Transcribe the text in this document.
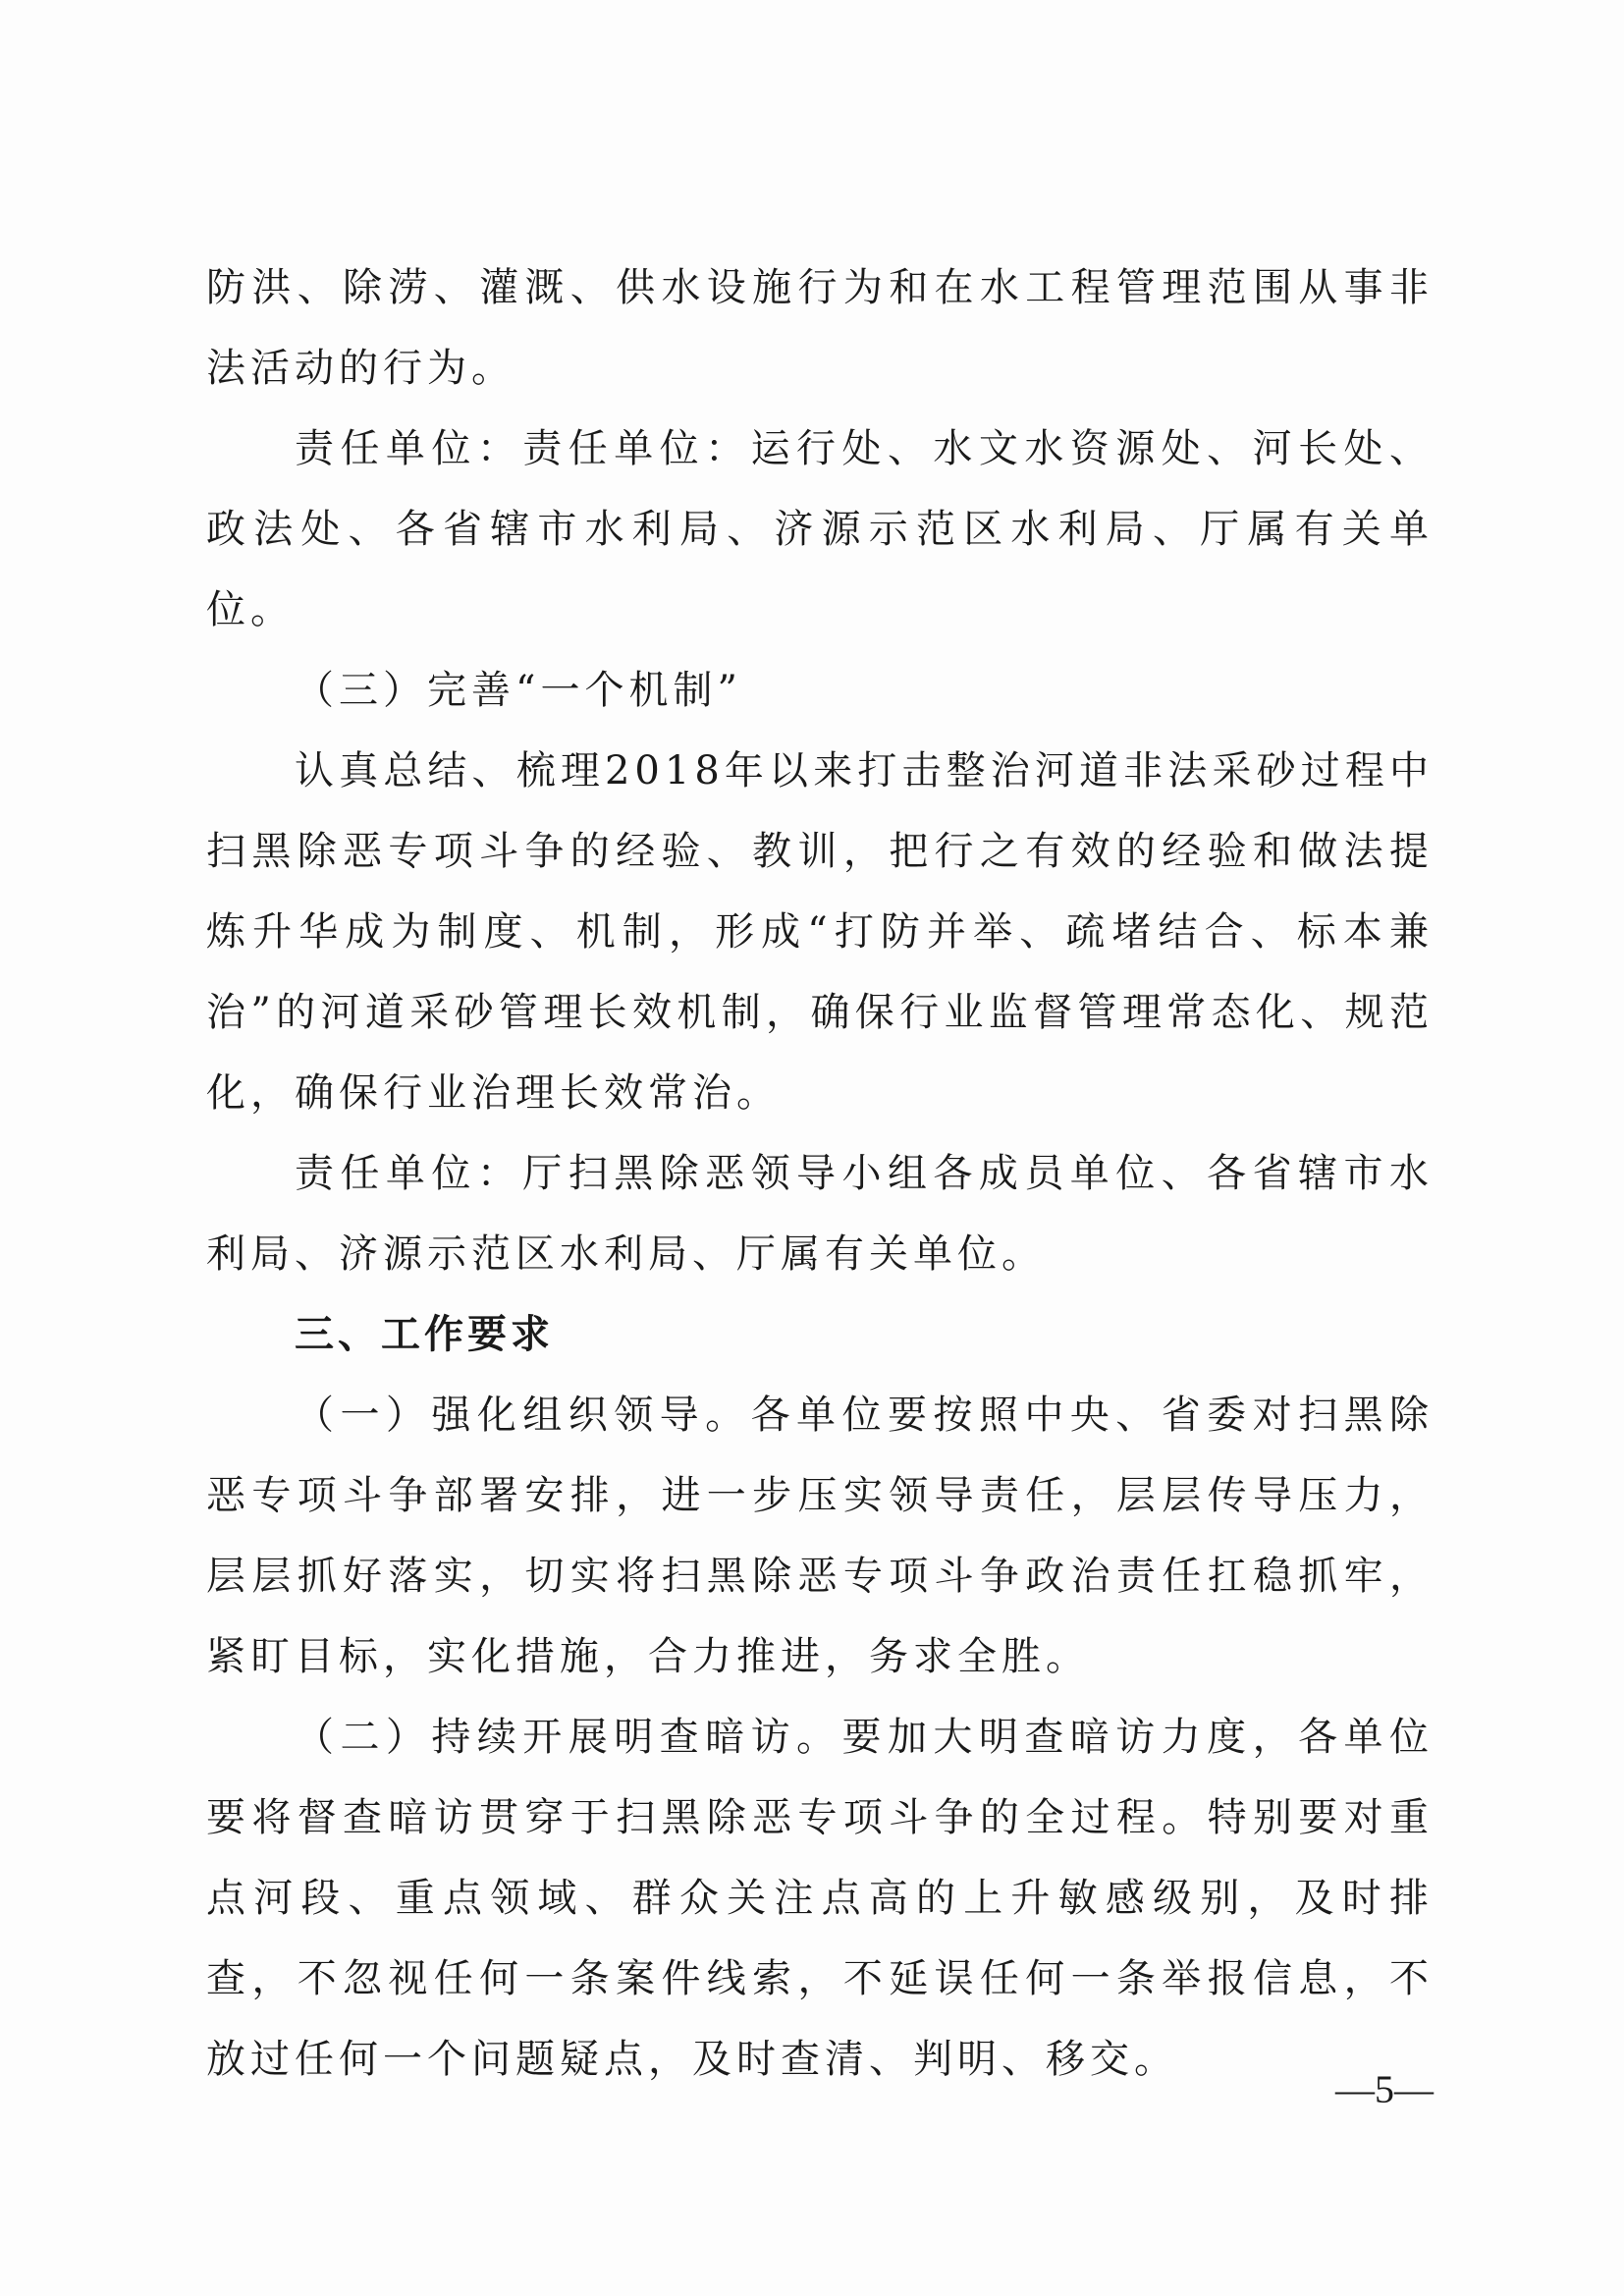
防洪、除涝、灌溉、供水设施行为和在水工程管理范围从事非法活动的行为。

责任单位：责任单位：运行处、水文水资源处、河长处、政法处、各省辖市水利局、济源示范区水利局、厅属有关单位。

（三）完善“一个机制”

认真总结、梳理2018年以来打击整治河道非法采砂过程中扫黑除恶专项斗争的经验、教训，把行之有效的经验和做法提炼升华成为制度、机制，形成“打防并举、疏堵结合、标本兼治”的河道采砂管理长效机制，确保行业监督管理常态化、规范化，确保行业治理长效常治。

责任单位：厅扫黑除恶领导小组各成员单位、各省辖市水利局、济源示范区水利局、厅属有关单位。

三、工作要求

（一）强化组织领导。各单位要按照中央、省委对扫黑除恶专项斗争部署安排，进一步压实领导责任，层层传导压力，层层抓好落实，切实将扫黑除恶专项斗争政治责任扛稳抓牢，紧盯目标，实化措施，合力推进，务求全胜。

（二）持续开展明查暗访。要加大明查暗访力度，各单位要将督查暗访贯穿于扫黑除恶专项斗争的全过程。特别要对重点河段、重点领域、群众关注点高的上升敏感级别，及时排查，不忽视任何一条案件线索，不延误任何一条举报信息，不放过任何一个问题疑点，及时查清、判明、移交。

—5—
